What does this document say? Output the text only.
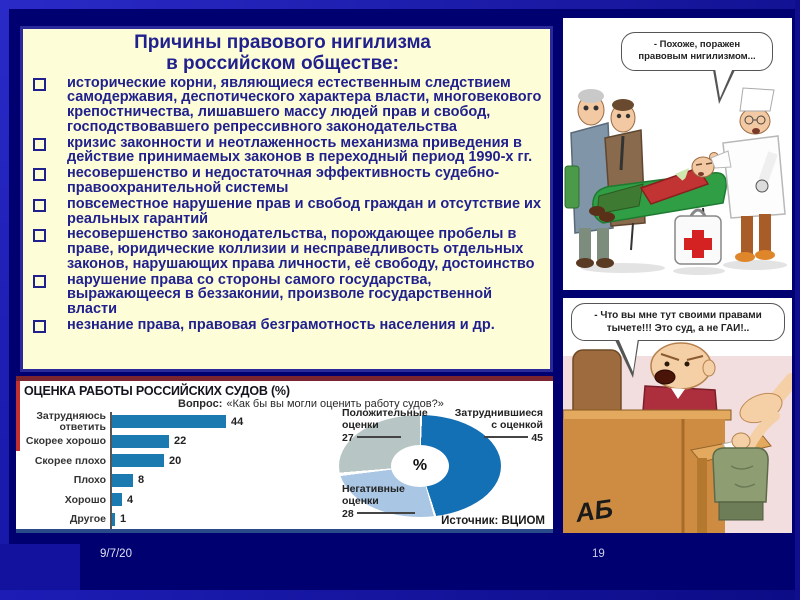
Причины правового нигилизма
в российском обществе:
исторические корни, являющиеся естественным следствием самодержавия, деспотического характера власти, многовекового крепостничества, лишавшего массу людей прав и свобод, господствовавшего репрессивного законодательства
кризис законности и неотлаженность механизма приведения в действие принимаемых законов в переходный период 1990-х гг.
несовершенство и недостаточная эффективность судебно-правоохранительной системы
повсеместное нарушение прав и свобод граждан и отсутствие их реальных гарантий
несовершенство законодательства, порождающее пробелы в праве, юридические коллизии и несправедливость отдельных законов, нарушающих права личности, её свободу, достоинство
нарушение права со стороны самого государства, выражающееся в беззаконии, произволе государственной власти
незнание права, правовая безграмотность населения и др.
ОЦЕНКА РАБОТЫ РОССИЙСКИХ СУДОВ (%)
Вопрос: «Как бы вы могли оценить работу судов?»
Затрудняюсь ответить	44
Скорее хорошо	22
Скорее плохо	20
Плохо	8
Хорошо	4
Другое	1
%
Положительные
оценки
27
Затруднившиеся
с оценкой
45
Негативные
оценки
28
Источник: ВЦИОМ
- Похоже, поражен
правовым нигилизмом...
АБ
- Что вы мне тут своими правами
тычете!!! Это суд, а не ГАИ!..
9/7/20	19
